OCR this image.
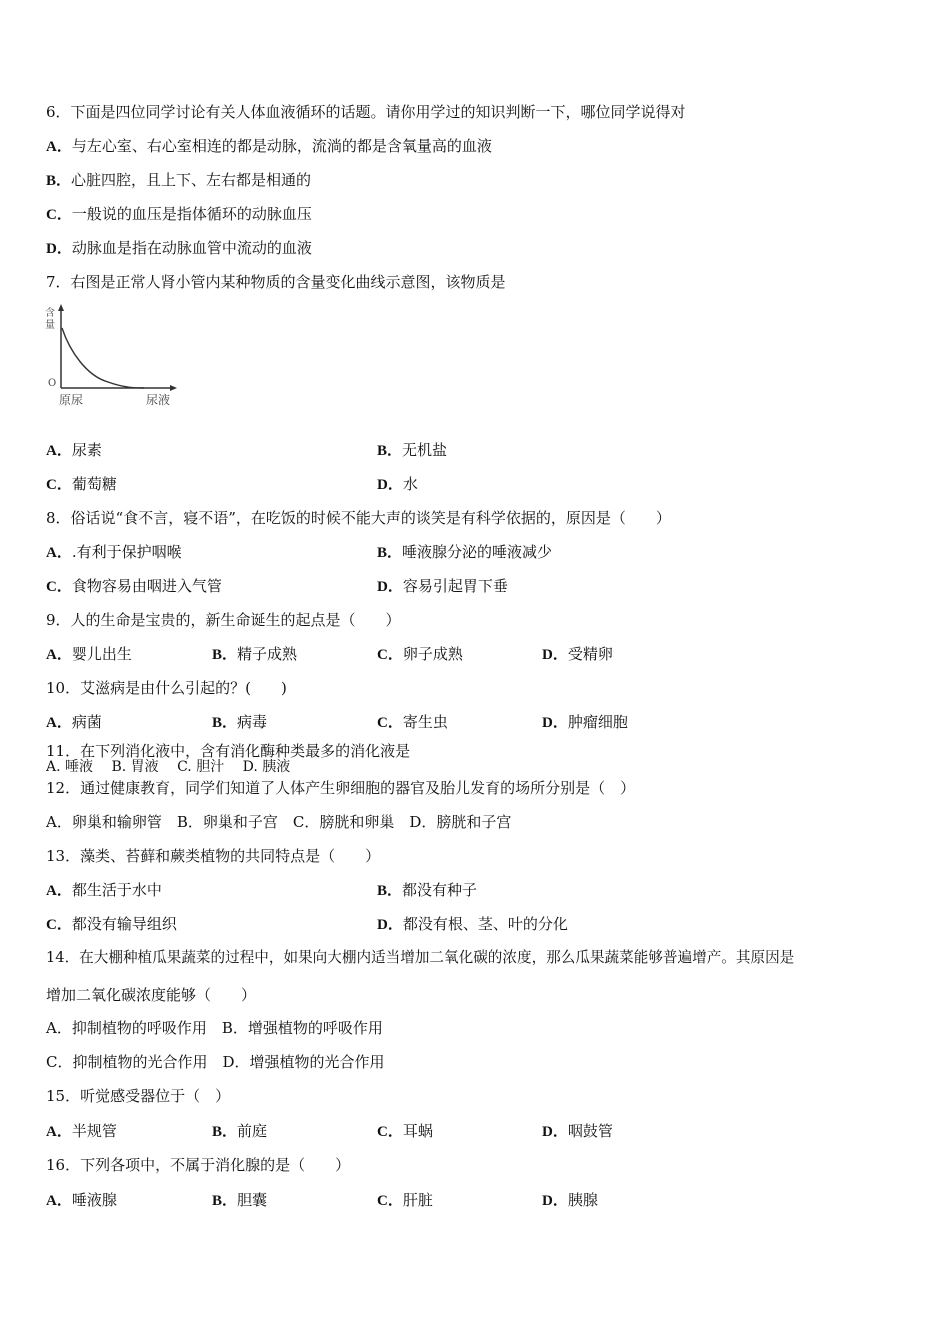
6．下面是四位同学讨论有关人体血液循环的话题。请你用学过的知识判断一下，哪位同学说得对
A．与左心室、右心室相连的都是动脉，流淌的都是含氧量高的血液
B．心脏四腔，且上下、左右都是相通的
C．一般说的血压是指体循环的动脉血压
D．动脉血是指在动脉血管中流动的血液
7．右图是正常人肾小管内某种物质的含量变化曲线示意图，该物质是
含
量
O
原尿	尿液
A．尿素	B．无机盐
C．葡萄糖	D．水
8．俗话说“食不言，寝不语”，在吃饭的时候不能大声的谈笑是有科学依据的，原因是（　　）
A．.有利于保护咽喉	B．唾液腺分泌的唾液减少
C．食物容易由咽进入气管	D．容易引起胃下垂
9．人的生命是宝贵的，新生命诞生的起点是（　　）
A．婴儿出生	B．精子成熟	C．卵子成熟	D．受精卵
10．艾滋病是由什么引起的？(　　)
A．病菌	B．病毒	C．寄生虫	D．肿瘤细胞
11．在下列消化液中，含有消化酶种类最多的消化液是
A. 唾液　 B. 胃液　 C. 胆汁　 D. 胰液
12．通过健康教育，同学们知道了人体产生卵细胞的器官及胎儿发育的场所分别是（　）
A．卵巢和输卵管　B．卵巢和子宫　C．膀胱和卵巢　D．膀胱和子宫
13．藻类、苔藓和蕨类植物的共同特点是（　　）
A．都生活于水中	B．都没有种子
C．都没有输导组织	D．都没有根、茎、叶的分化
14．在大棚种植瓜果蔬菜的过程中，如果向大棚内适当增加二氧化碳的浓度，那么瓜果蔬菜能够普遍增产。其原因是
增加二氧化碳浓度能够（　　）
A．抑制植物的呼吸作用　B．增强植物的呼吸作用
C．抑制植物的光合作用　D．增强植物的光合作用
15．听觉感受器位于（　）
A．半规管	B．前庭	C．耳蜗	D．咽鼓管
16．下列各项中，不属于消化腺的是（　　）
A．唾液腺	B．胆囊	C．肝脏	D．胰腺
